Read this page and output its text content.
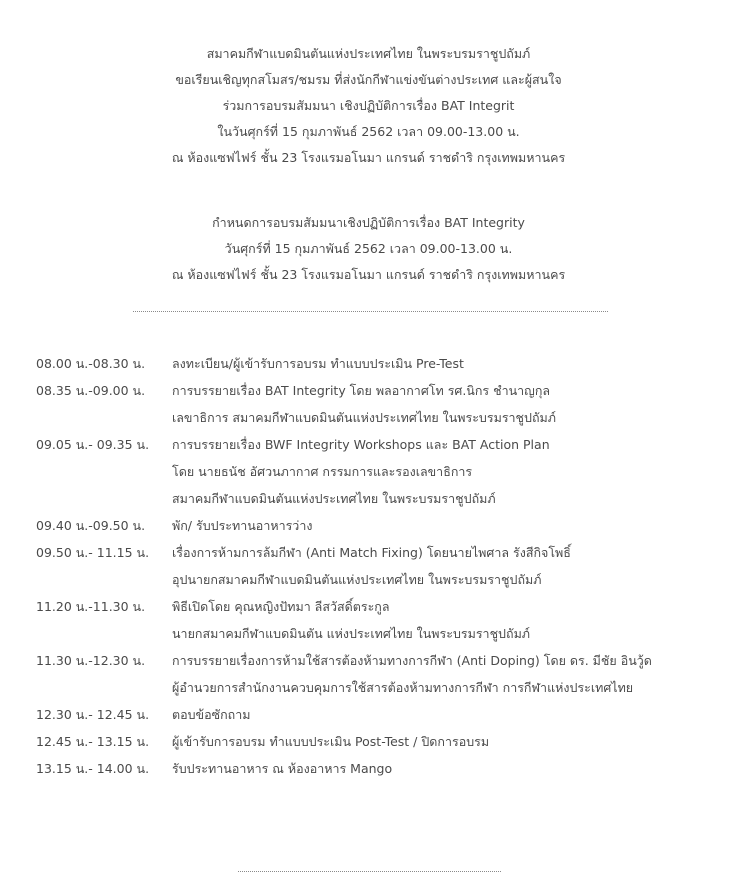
สมาคมกีฬาแบดมินตันแห่งประเทศไทย ในพระบรมราชูปถัมภ์
ขอเรียนเชิญทุกสโมสร/ชมรม ที่ส่งนักกีฬาแข่งขันต่างประเทศ และผู้สนใจ
ร่วมการอบรมสัมมนา เชิงปฏิบัติการเรื่อง BAT Integrit
ในวันศุกร์ที่ 15 กุมภาพันธ์ 2562 เวลา 09.00-13.00 น.
ณ ห้องแซฟไฟร์ ชั้น 23 โรงแรมอโนมา แกรนด์ ราชดำริ กรุงเทพมหานคร
กำหนดการอบรมสัมมนาเชิงปฏิบัติการเรื่อง BAT Integrity
วันศุกร์ที่ 15 กุมภาพันธ์ 2562 เวลา 09.00-13.00 น.
ณ ห้องแซฟไฟร์ ชั้น 23 โรงแรมอโนมา แกรนด์ ราชดำริ กรุงเทพมหานคร
08.00 น.-08.30 น. ลงทะเบียน/ผู้เข้ารับการอบรม ทำแบบประเมิน Pre-Test
08.35 น.-09.00 น. การบรรยายเรื่อง BAT Integrity โดย พลอากาศโท รศ.นิกร ชำนาญกุล
เลขาธิการ สมาคมกีฬาแบดมินตันแห่งประเทศไทย ในพระบรมราชูปถัมภ์
09.05 น.- 09.35 น. การบรรยายเรื่อง BWF Integrity Workshops และ BAT Action Plan
โดย นายธนัช อัศวนภากาศ กรรมการและรองเลขาธิการ
สมาคมกีฬาแบดมินตันแห่งประเทศไทย ในพระบรมราชูปถัมภ์
09.40 น.-09.50 น. พัก/ รับประทานอาหารว่าง
09.50 น.- 11.15 น. เรื่องการห้ามการล้มกีฬา (Anti Match Fixing) โดยนายไพศาล รังสีกิจโพธิ์
อุปนายกสมาคมกีฬาแบดมินตันแห่งประเทศไทย ในพระบรมราชูปถัมภ์
11.20 น.-11.30 น. พิธีเปิดโดย คุณหญิงปัทมา ลีสวัสดิ์ตระกูล
นายกสมาคมกีฬาแบดมินตัน แห่งประเทศไทย ในพระบรมราชูปถัมภ์
11.30 น.-12.30 น. การบรรยายเรื่องการห้ามใช้สารต้องห้ามทางการกีฬา (Anti Doping) โดย ดร. มีชัย อินวู้ด
ผู้อำนวยการสำนักงานควบคุมการใช้สารต้องห้ามทางการกีฬา การกีฬาแห่งประเทศไทย
12.30 น.- 12.45 น. ตอบข้อซักถาม
12.45 น.- 13.15 น. ผู้เข้ารับการอบรม ทำแบบประเมิน Post-Test / ปิดการอบรม
13.15 น.- 14.00 น. รับประทานอาหาร ณ ห้องอาหาร Mango
